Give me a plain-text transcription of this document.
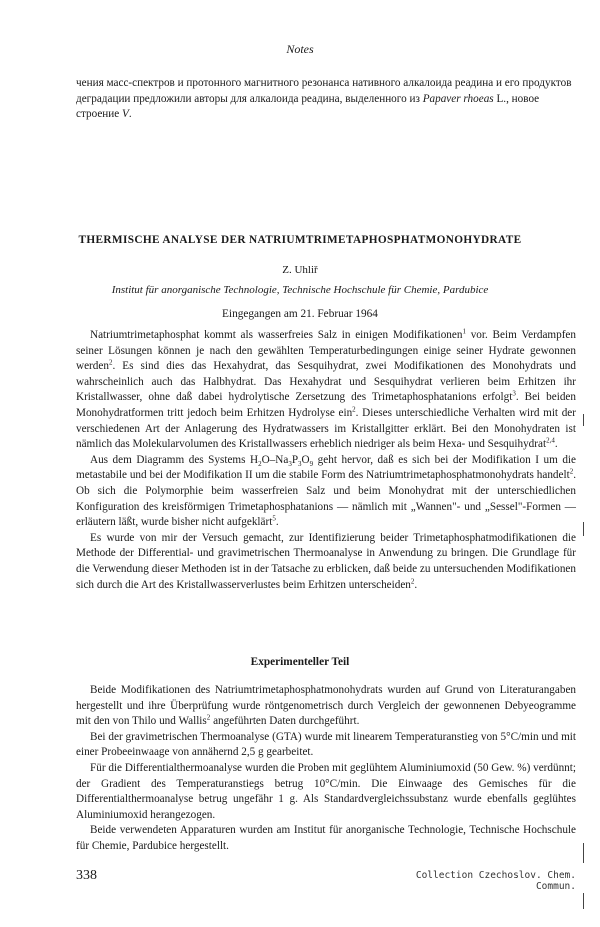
Notes

чения масс-спектров и протонного магнитного резонанса нативного алкалоида реадина и его продуктов деградации предложили авторы для алкалоида реадина, выделенного из Papaver rhoeas L., новое строение V.

THERMISCHE ANALYSE DER NATRIUMTRIMETAPHOSPHATMONOHYDRATE
Z. Uhliř
Institut für anorganische Technologie, Technische Hochschule für Chemie, Pardubice
Eingegangen am 21. Februar 1964

Natriumtrimetaphosphat kommt als wasserfreies Salz in einigen Modifikationen$^1$ vor. Beim Verdampfen seiner Lösungen können je nach den gewählten Temperaturbedingungen einige seiner Hydrate gewonnen werden$^2$. Es sind dies das Hexahydrat, das Sesquihydrat, zwei Modifikationen des Monohydrats und wahrscheinlich auch das Halbhydrat. Das Hexahydrat und Sesquihydrat verlieren beim Erhitzen ihr Kristallwasser, ohne daß dabei hydrolytische Zersetzung des Trimetaphosphatanions erfolgt$^3$. Bei beiden Monohydratformen tritt jedoch beim Erhitzen Hydrolyse ein$^2$. Dieses unterschiedliche Verhalten wird mit der verschiedenen Art der Anlagerung des Hydratwassers im Kristallgitter erklärt. Bei den Monohydraten ist nämlich das Molekularvolumen des Kristallwassers erheblich niedriger als beim Hexa- und Sesquihydrat$^{2,4}$.

Aus dem Diagramm des Systems $H_2O-Na_3P_3O_9$ geht hervor, daß es sich bei der Modifikation I um die metastabile und bei der Modifikation II um die stabile Form des Natriumtrimetaphosphatmonohydrats handelt$^2$. Ob sich die Polymorphie beim wasserfreien Salz und beim Monohydrat mit der unterschiedlichen Konfiguration des kreisförmigen Trimetaphosphatanions — nämlich mit „Wannen"- und „Sessel"-Formen — erläutern läßt, wurde bisher nicht aufgeklärt$^5$.

Es wurde von mir der Versuch gemacht, zur Identifizierung beider Trimetaphosphatmodifikationen die Methode der Differential- und gravimetrischen Thermoanalyse in Anwendung zu bringen. Die Grundlage für die Verwendung dieser Methoden ist in der Tatsache zu erblicken, daß beide zu untersuchenden Modifikationen sich durch die Art des Kristallwasserverlustes beim Erhitzen unterscheiden$^2$.

Experimenteller Teil

Beide Modifikationen des Natriumtrimetaphosphatmonohydrats wurden auf Grund von Literaturangaben hergestellt und ihre Überprüfung wurde röntgenometrisch durch Vergleich der gewonnenen Debyeogramme mit den von Thilo und Wallis$^2$ angeführten Daten durchgeführt.

Bei der gravimetrischen Thermoanalyse (GTA) wurde mit linearem Temperaturanstieg von 5°C/min und mit einer Probeeinwaage von annähernd 2,5 g gearbeitet.

Für die Differentialthermoanalyse wurden die Proben mit geglühtem Aluminiumoxid (50 Gew. %) verdünnt; der Gradient des Temperaturanstiegs betrug 10°C/min. Die Einwaage des Gemisches für die Differentialthermoanalyse betrug ungefähr 1 g. Als Standardvergleichssubstanz wurde ebenfalls geglühtes Aluminiumoxid herangezogen.

Beide verwendeten Apparaturen wurden am Institut für anorganische Technologie, Technische Hochschule für Chemie, Pardubice hergestellt.

338	Collection Czechoslov. Chem. Commun.
